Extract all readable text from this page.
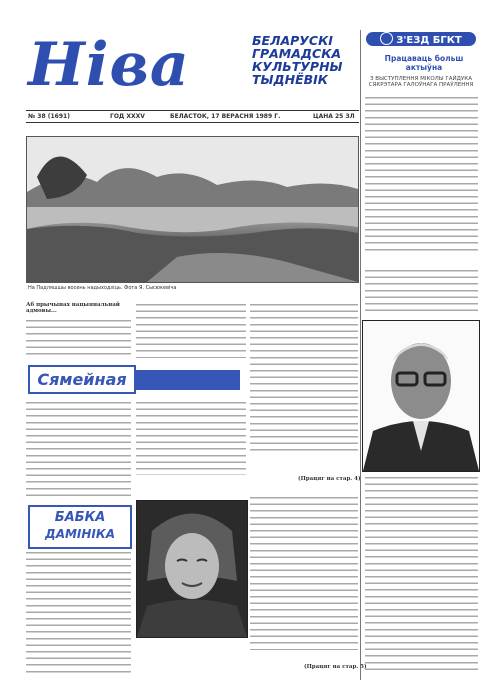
Ніва	БЕЛАРУСКІ
ГРАМАДСКА
КУЛЬТУРНЫ
ТЫДНЁВІК
З'ЕЗД БГКТ
Працаваць больш актыўна
З ВЫСТУПЛЕННЯ МІКОЛЫ ГАЙДУКА СЯКРЭТАРА ГАЛОЎНАГА ПРАЎЛЕННЯ
№ 38 (1691)	ГОД XXXV	БЕЛАСТОК, 17 ВЕРАСНЯ 1989 Г.	ЦАНА 25 ЗЛ
На Падляшшы восень надыходзіць. Фота Я. Сысюкевіча
Аб прычынах нацыянальнай адмовы...
(Працяг на стар. 4)
Сямейная
БАБКА
ДАМІНІКА
(Працяг на стар. 5)
